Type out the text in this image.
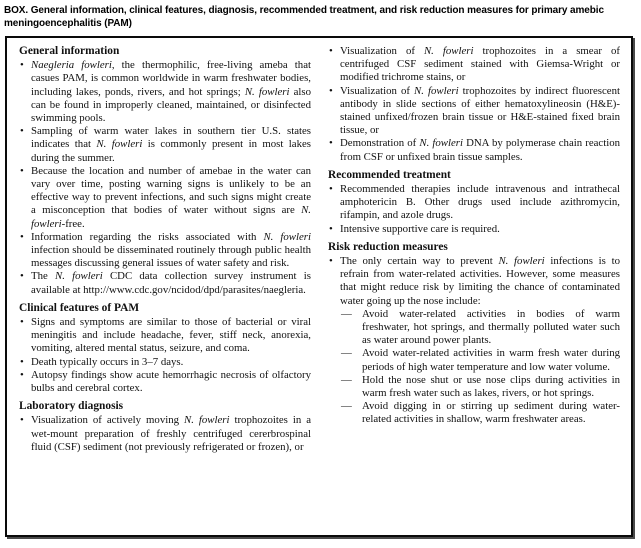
BOX. General information, clinical features, diagnosis, recommended treatment, and risk reduction measures for primary amebic meningoencephalitis (PAM)
General information
• Naegleria fowleri, the thermophilic, free-living ameba that casues PAM, is common worldwide in warm freshwater bodies, including lakes, ponds, rivers, and hot springs; N. fowleri also can be found in improperly cleaned, maintained, or disinfected swimming pools.
• Sampling of warm water lakes in southern tier U.S. states indicates that N. fowleri is commonly present in most lakes during the summer.
• Because the location and number of amebae in the water can vary over time, posting warning signs is unlikely to be an effective way to prevent infections, and such signs might create a misconception that bodies of water without signs are N. fowleri-free.
• Information regarding the risks associated with N. fowleri infection should be disseminated routinely through public health messages discussing general issues of water safety and risk.
• The N. fowleri CDC data collection survey instrument is available at http://www.cdc.gov/ncidod/dpd/parasites/naegleria.
Clinical features of PAM
• Signs and symptoms are similar to those of bacterial or viral meningitis and include headache, fever, stiff neck, anorexia, vomiting, altered mental status, seizure, and coma.
• Death typically occurs in 3–7 days.
• Autopsy findings show acute hemorrhagic necrosis of olfactory bulbs and cerebral cortex.
Laboratory diagnosis
• Visualization of actively moving N. fowleri trophozoites in a wet-mount preparation of freshly centrifuged cererbrospinal fluid (CSF) sediment (not previously refrigerated or frozen), or
• Visualization of N. fowleri trophozoites in a smear of centrifuged CSF sediment stained with Giemsa-Wright or modified trichrome stains, or
• Visualization of N. fowleri trophozoites by indirect fluorescent antibody in slide sections of either hematoxylineosin (H&E)-stained unfixed/frozen brain tissue or H&E-stained fixed brain tissue, or
• Demonstration of N. fowleri DNA by polymerase chain reaction from CSF or unfixed brain tissue samples.
Recommended treatment
• Recommended therapies include intravenous and intrathecal amphotericin B. Other drugs used include azithromycin, rifampin, and azole drugs.
• Intensive supportive care is required.
Risk reduction measures
• The only certain way to prevent N. fowleri infections is to refrain from water-related activities. However, some measures that might reduce risk by limiting the chance of contaminated water going up the nose include:
— Avoid water-related activities in bodies of warm freshwater, hot springs, and thermally polluted water such as water around power plants.
— Avoid water-related activities in warm fresh water during periods of high water temperature and low water volume.
— Hold the nose shut or use nose clips during activities in warm fresh water such as lakes, rivers, or hot springs.
— Avoid digging in or stirring up sediment during water-related activities in shallow, warm freshwater areas.
